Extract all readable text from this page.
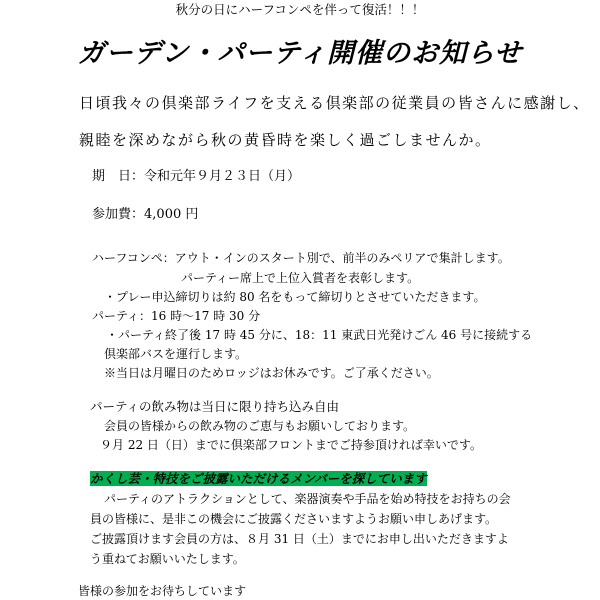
秋分の日にハーフコンペを伴って復活！！！
ガーデン・パーティ開催のお知らせ
日頃我々の倶楽部ライフを支える倶楽部の従業員の皆さんに感謝し、
親睦を深めながら秋の黄昏時を楽しく過ごしませんか。
期　日：令和元年９月２３日（月）
参加費：4,000 円
ハーフコンペ：アウト・インのスタート別で、前半のみペリアで集計します。
パーティー席上で上位入賞者を表彰します。
・プレー申込締切りは約 80 名をもって締切りとさせていただきます。
パーティ：16 時～17 時 30 分
・パーティ終了後 17 時 45 分に、18：11 東武日光発けごん 46 号に接続する
倶楽部バスを運行します。
※当日は月曜日のためロッジはお休みです。ご了承ください。
パーティの飲み物は当日に限り持ち込み自由
会員の皆様からの飲み物のご恵与もお願いしております。
９月 22 日（日）までに倶楽部フロントまでご持参頂ければ幸いです。
かくし芸・特技をご披露いただけるメンバーを探しています
パーティのアトラクションとして、楽器演奏や手品を始め特技をお持ちの会
員の皆様に、是非この機会にご披露くださいますようお願い申しあげます。
ご披露頂けます会員の方は、８月 31 日（土）までにお申し出いただきますよ
う重ねてお願いいたします。
皆様の参加をお待ちしています
